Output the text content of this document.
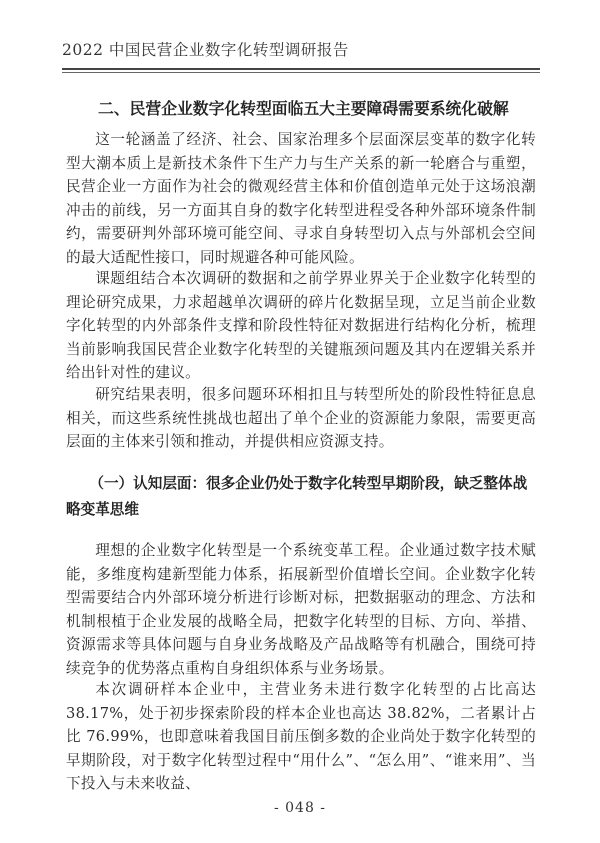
2022 中国民营企业数字化转型调研报告
二、民营企业数字化转型面临五大主要障碍需要系统化破解

这一轮涵盖了经济、社会、国家治理多个层面深层变革的数字化转型大潮本质上是新技术条件下生产力与生产关系的新一轮磨合与重塑，民营企业一方面作为社会的微观经营主体和价值创造单元处于这场浪潮冲击的前线，另一方面其自身的数字化转型进程受各种外部环境条件制约，需要研判外部环境可能空间、寻求自身转型切入点与外部机会空间的最大适配性接口，同时规避各种可能风险。

课题组结合本次调研的数据和之前学界业界关于企业数字化转型的理论研究成果，力求超越单次调研的碎片化数据呈现，立足当前企业数字化转型的内外部条件支撑和阶段性特征对数据进行结构化分析，梳理当前影响我国民营企业数字化转型的关键瓶颈问题及其内在逻辑关系并给出针对性的建议。

研究结果表明，很多问题环环相扣且与转型所处的阶段性特征息息相关，而这些系统性挑战也超出了单个企业的资源能力象限，需要更高层面的主体来引领和推动，并提供相应资源支持。

（一）认知层面：很多企业仍处于数字化转型早期阶段，缺乏整体战略变革思维

理想的企业数字化转型是一个系统变革工程。企业通过数字技术赋能，多维度构建新型能力体系，拓展新型价值增长空间。企业数字化转型需要结合内外部环境分析进行诊断对标，把数据驱动的理念、方法和机制根植于企业发展的战略全局，把数字化转型的目标、方向、举措、资源需求等具体问题与自身业务战略及产品战略等有机融合，围绕可持续竞争的优势落点重构自身组织体系与业务场景。

本次调研样本企业中，主营业务未进行数字化转型的占比高达 38.17%，处于初步探索阶段的样本企业也高达 38.82%，二者累计占比 76.99%，也即意味着我国目前压倒多数的企业尚处于数字化转型的早期阶段，对于数字化转型过程中“用什么”、“怎么用”、“谁来用”、当下投入与未来收益、

- 048 -
